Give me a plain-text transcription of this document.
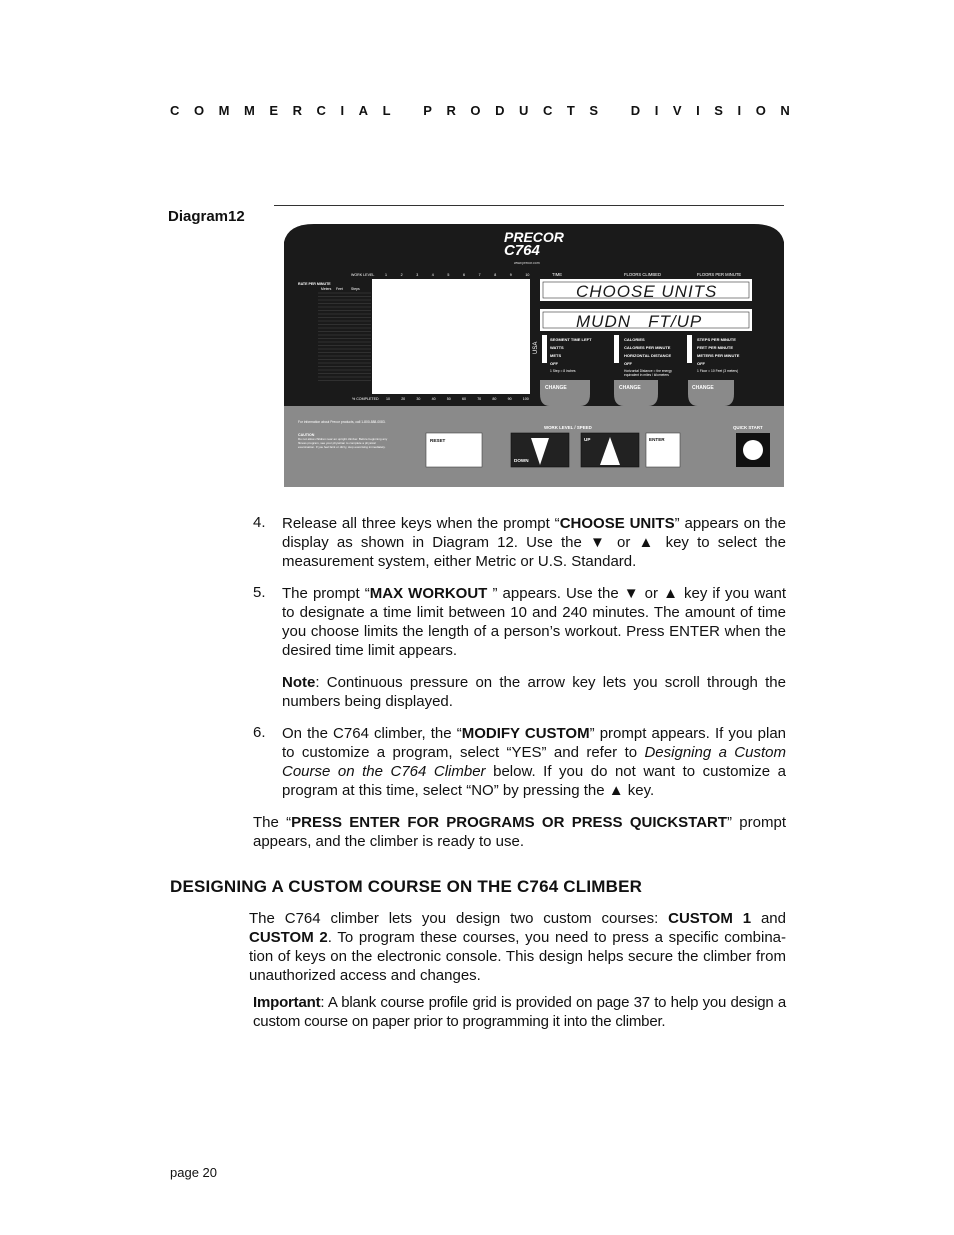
C O M M E R C I A L
	P R O D U C T S
	D I V I S I O N
Diagram12
CHANGE	CHANGE	CHANGE
PRECOR
C764
www.precor.com
WORK LEVEL	1	2	3	4	5	6	7	8	9	10
RATE PER MINUTE
Meters Feet Steps
% COMPLETED 10	20	30	40	50	60	70	80	90	100
TIME	FLOORS CLIMBED	FLOORS PER MINUTE
CHOOSE UNITS
MUDN   FT/UP
USA
SEGMENT TIME LEFT
WATTS
METS
OFF
CALORIES
CALORIES PER MINUTE
HORIZONTAL DISTANCE
OFF
STEPS PER MINUTE
FEET PER MINUTE
METERS PER MINUTE
OFF
1 Step = 8 inches	Horizontal Distance = the energy equivalent in miles / kilometers
1 Floor = 10 Feet (3 meters)
For information about Precor products, call 1-800-888-0083.
CAUTION
Do not allow children near an upright climber. Before beginning any
fitness program, see your physician to complete a physical
examination. If you feel faint or dizzy, stop exercising immediately.
WORK LEVEL / SPEED	QUICK START
RESET
DOWN
UP	ENTER
4. Release all three keys when the prompt “CHOOSE UNITS” appears on the display as shown in Diagram 12. Use the ▼ or ▲ key to select the measurement system, either Metric or U.S. Standard.
5. The prompt “MAX WORKOUT ” appears. Use the ▼ or ▲ key if you want to designate a time limit between 10 and 240 minutes. The amount of time you choose limits the length of a person’s workout. Press ENTER when the desired time limit appears.
Note: Continuous pressure on the arrow key lets you scroll through the numbers being displayed.
6. On the C764 climber, the “MODIFY CUSTOM” prompt appears. If you plan to customize a program, select “YES” and refer to Designing a Custom Course on the C764 Climber below. If you do not want to customize a program at this time, select “NO” by pressing the ▲ key.
The “PRESS ENTER FOR PROGRAMS OR PRESS QUICKSTART” prompt appears, and the climber is ready to use.
DESIGNING A CUSTOM COURSE ON THE C764 CLIMBER
The C764 climber lets you design two custom courses: CUSTOM 1 and CUSTOM 2. To program these courses, you need to press a specific combina-tion of keys on the electronic console. This design helps secure the climber from unauthorized access and changes.
Important: A blank course profile grid is provided on page 37 to help you design a custom course on paper prior to programming it into the climber.
page 20
